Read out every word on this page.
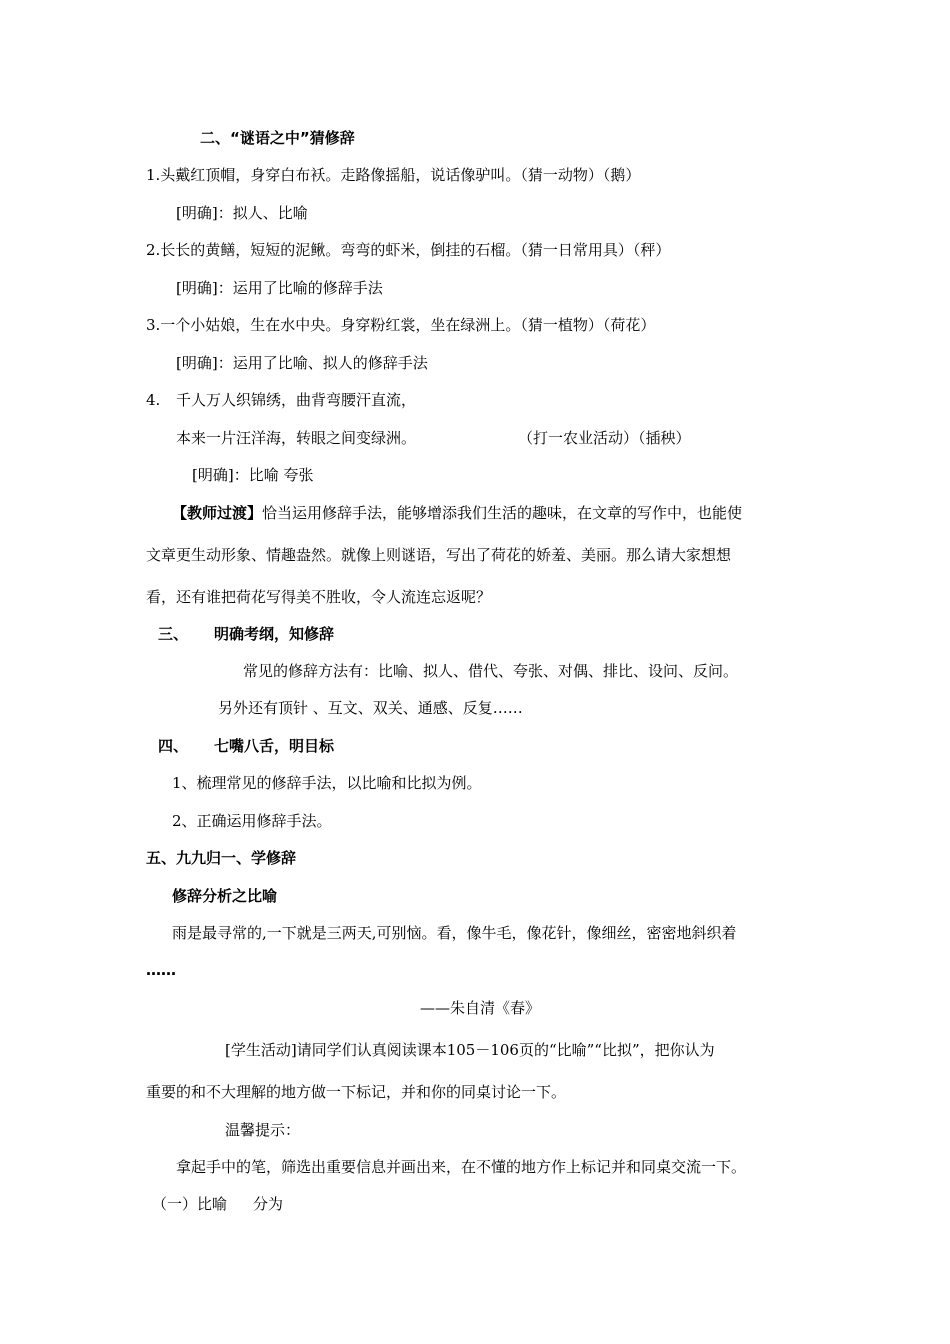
二、“谜语之中”猜修辞
1.头戴红顶帽，身穿白布袄。走路像摇船，说话像驴叫。（猜一动物）（鹅）
[明确]：拟人、比喻
2.长长的黄鳝，短短的泥鳅。弯弯的虾米，倒挂的石榴。（猜一日常用具）（秤）
[明确]：运用了比喻的修辞手法
3.一个小姑娘，生在水中央。身穿粉红裳，坐在绿洲上。（猜一植物）（荷花）
[明确]：运用了比喻、拟人的修辞手法
4. 千人万人织锦绣，曲背弯腰汗直流，
本来一片汪洋海，转眼之间变绿洲。	（打一农业活动）（插秧）
[明确]：比喻 夸张
【教师过渡】恰当运用修辞手法，能够增添我们生活的趣味，在文章的写作中，也能使
文章更生动形象、情趣盎然。就像上则谜语，写出了荷花的娇羞、美丽。那么请大家想想
看，还有谁把荷花写得美不胜收，令人流连忘返呢？
三、 明确考纲，知修辞
常见的修辞方法有：比喻、拟人、借代、夸张、对偶、排比、设问、反问。
另外还有顶针 、互文、双关、通感、反复……
四、 七嘴八舌，明目标
1、梳理常见的修辞手法，以比喻和比拟为例。
2、正确运用修辞手法。
五、九九归一、学修辞
修辞分析之比喻
雨是最寻常的,一下就是三两天,可别恼。看，像牛毛，像花针，像细丝，密密地斜织着
……
——朱自清《春》
[学生活动]请同学们认真阅读课本105－106页的“比喻”“比拟”，把你认为
重要的和不大理解的地方做一下标记，并和你的同桌讨论一下。
温馨提示：
拿起手中的笔，筛选出重要信息并画出来，在不懂的地方作上标记并和同桌交流一下。
（一）比喻 分为
